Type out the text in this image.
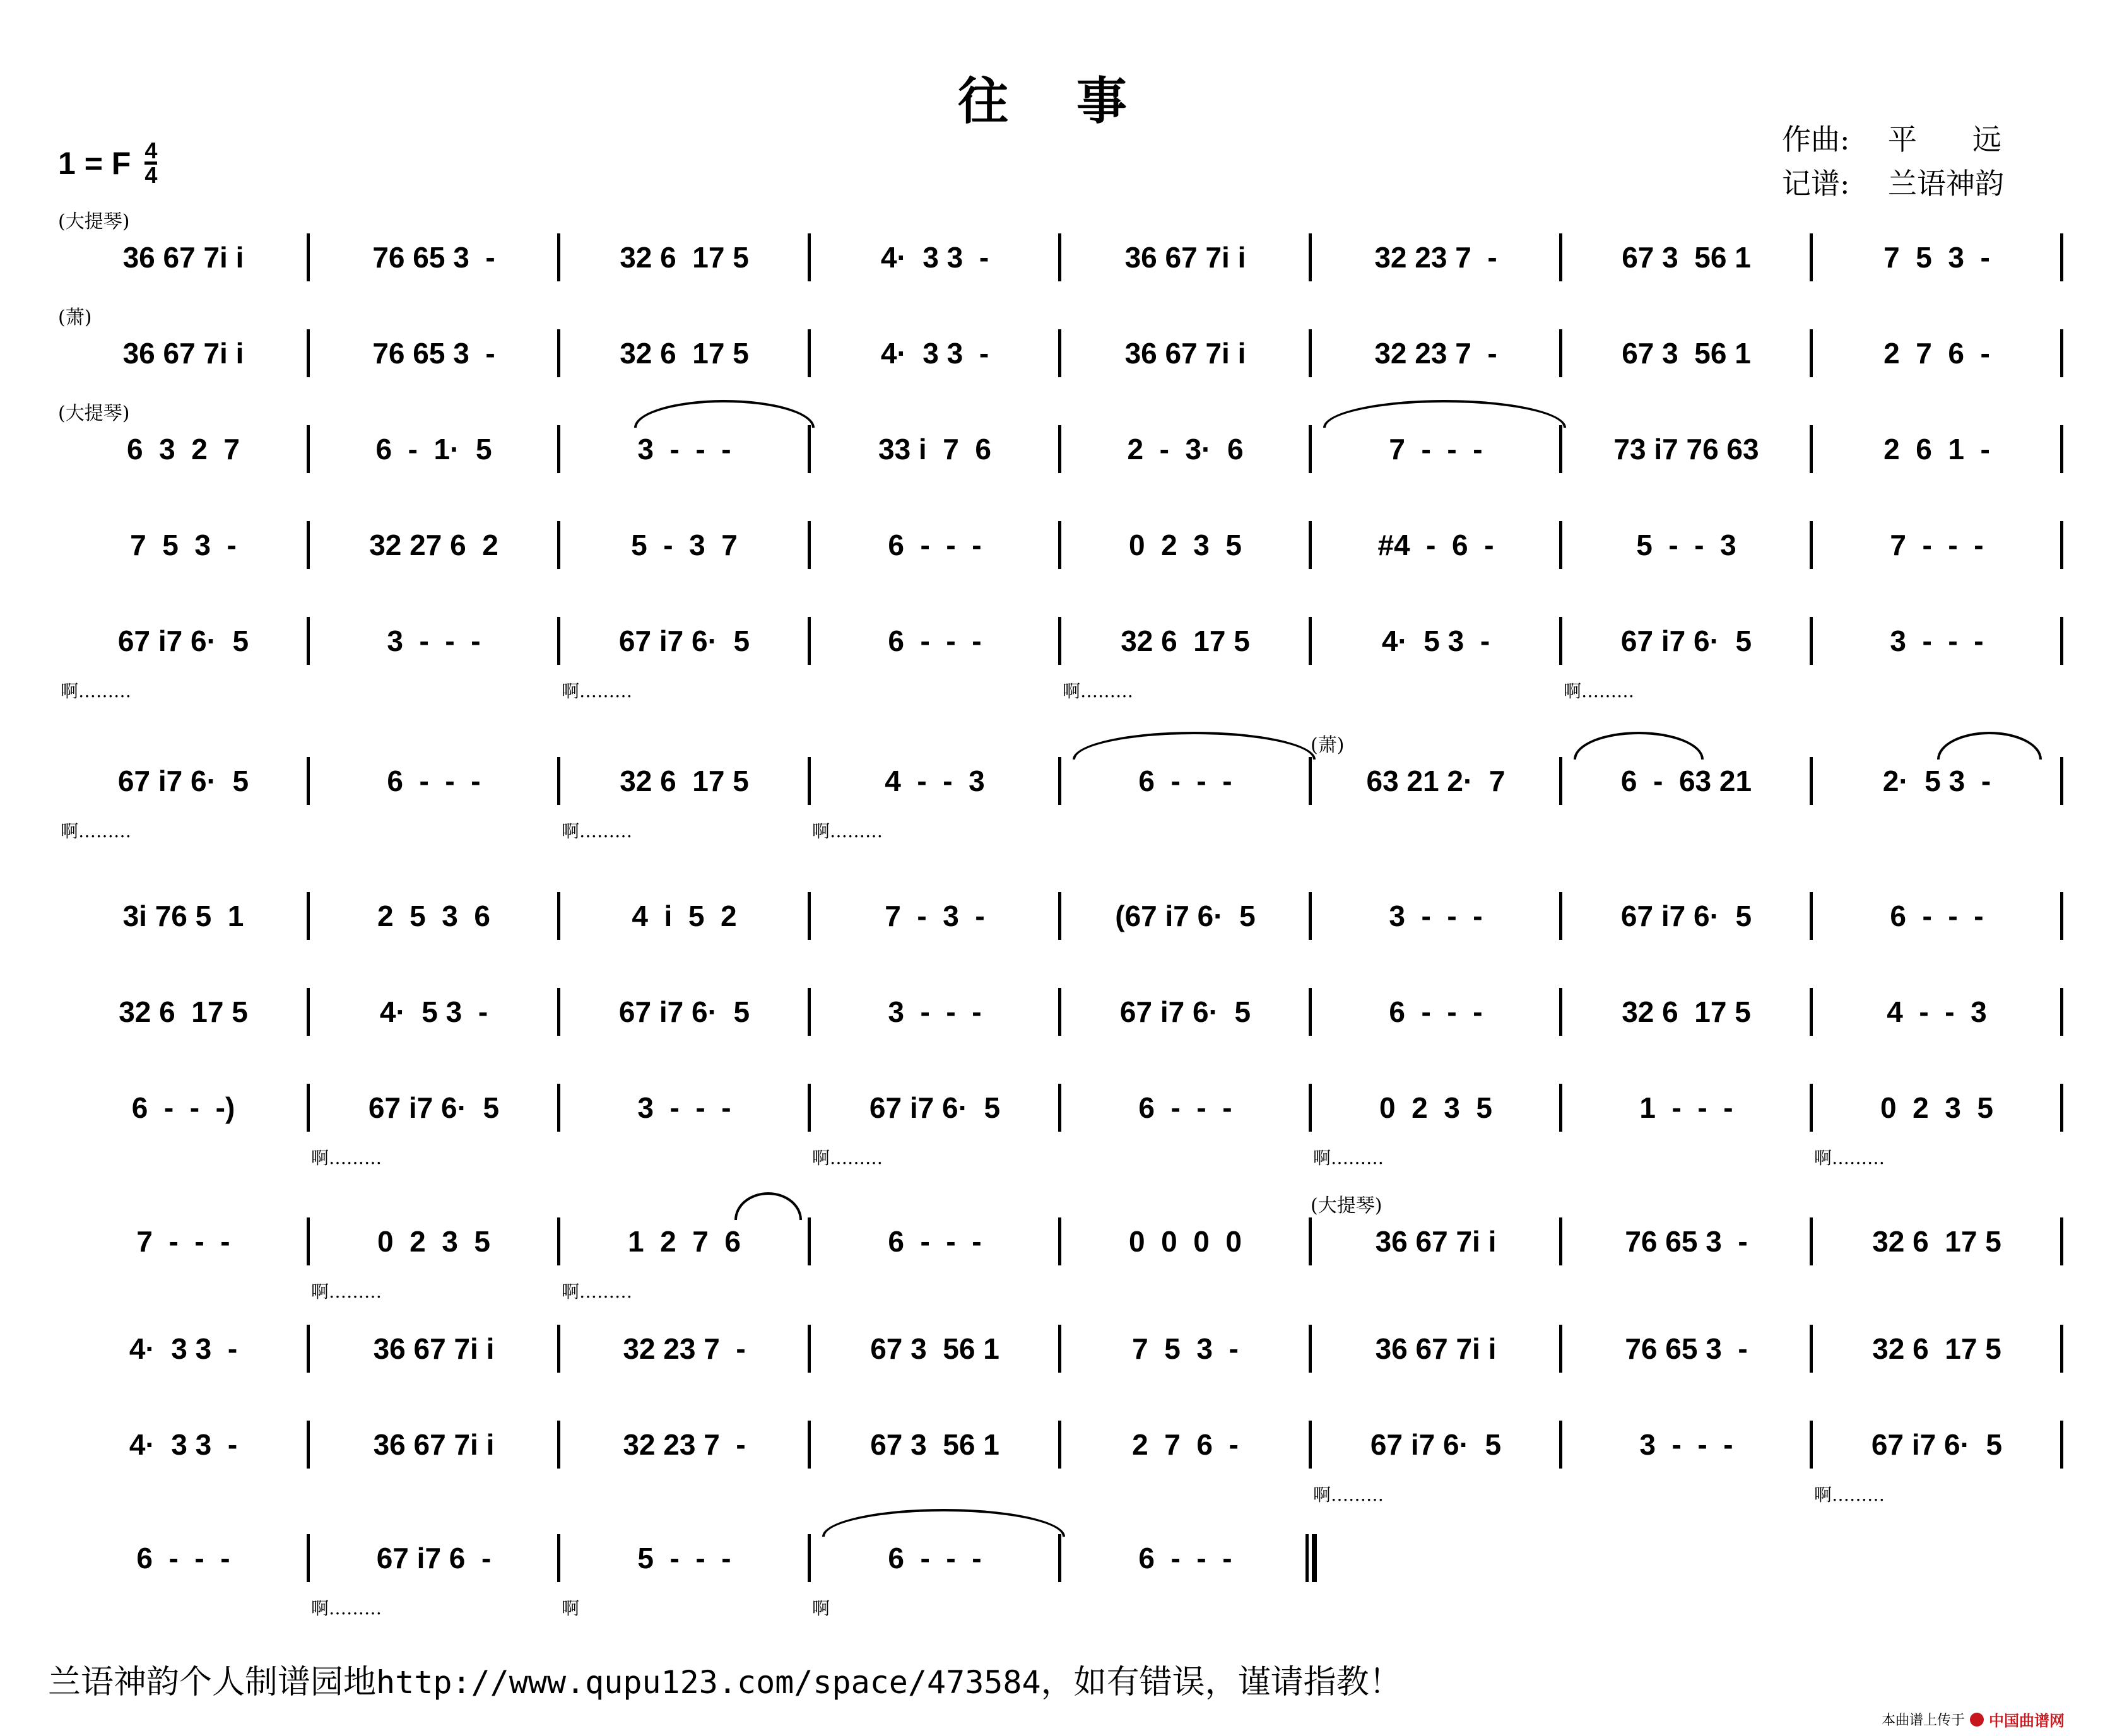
往 事
1 = F $\frac{4}{4}$
作曲:	平远
记谱:	兰语神韵
36 67 7i i	76 65 3  -	32 6  17 5	4·  3 3  -	36 67 7i i	32 23 7  -	67 3  56 1	7  5  3  -
(大提琴)
36 67 7i i	76 65 3  -	32 6  17 5	4·  3 3  -	36 67 7i i	32 23 7  -	67 3  56 1	2  7  6  -
(萧)
6  3  2  7	6  -  1·  5	3  -  -  -	33 i  7  6	2  -  3·  6	7  -  -  -	73 i7 76 63	2  6  1  -
(大提琴)
7  5  3  -	32 27 6  2	5  -  3  7	6  -  -  -	0  2  3  5	#4  -  6  -	5  -  -  3	7  -  -  -
67 i7 6·  5	3  -  -  -	67 i7 6·  5	6  -  -  -	32 6  17 5	4·  5 3  -	67 i7 6·  5	3  -  -  -
啊………	啊………	啊………	啊………
67 i7 6·  5	6  -  -  -	32 6  17 5	4  -  -  3	6  -  -  -	63 21 2·  7	6  -  63 21	2·  5 3  -
(萧)
啊………	啊………	啊………
3i 76 5  1	2  5  3  6	4  i  5  2	7  -  3  -	(67 i7 6·  5	3  -  -  -	67 i7 6·  5	6  -  -  -
32 6  17 5	4·  5 3  -	67 i7 6·  5	3  -  -  -	67 i7 6·  5	6  -  -  -	32 6  17 5	4  -  -  3
6  -  -  -)	67 i7 6·  5	3  -  -  -	67 i7 6·  5	6  -  -  -	0  2  3  5	1  -  -  -	0  2  3  5
啊………	啊………	啊………	啊………
7  -  -  -	0  2  3  5	1  2  7  6	6  -  -  -	0  0  0  0	36 67 7i i	76 65 3  -	32 6  17 5
(大提琴)
啊………	啊………
4·  3 3  -	36 67 7i i	32 23 7  -	67 3  56 1	7  5  3  -	36 67 7i i	76 65 3  -	32 6  17 5
4·  3 3  -	36 67 7i i	32 23 7  -	67 3  56 1	2  7  6  -	67 i7 6·  5	3  -  -  -	67 i7 6·  5
啊………	啊………
6  -  -  -	67 i7 6  -	5  -  -  -	6  -  -  -	6  -  -  -
啊………	啊	啊
兰语神韵个人制谱园地http://www.qupu123.com/space/473584，如有错误，谨请指教！
本曲谱上传于 中国曲谱网
